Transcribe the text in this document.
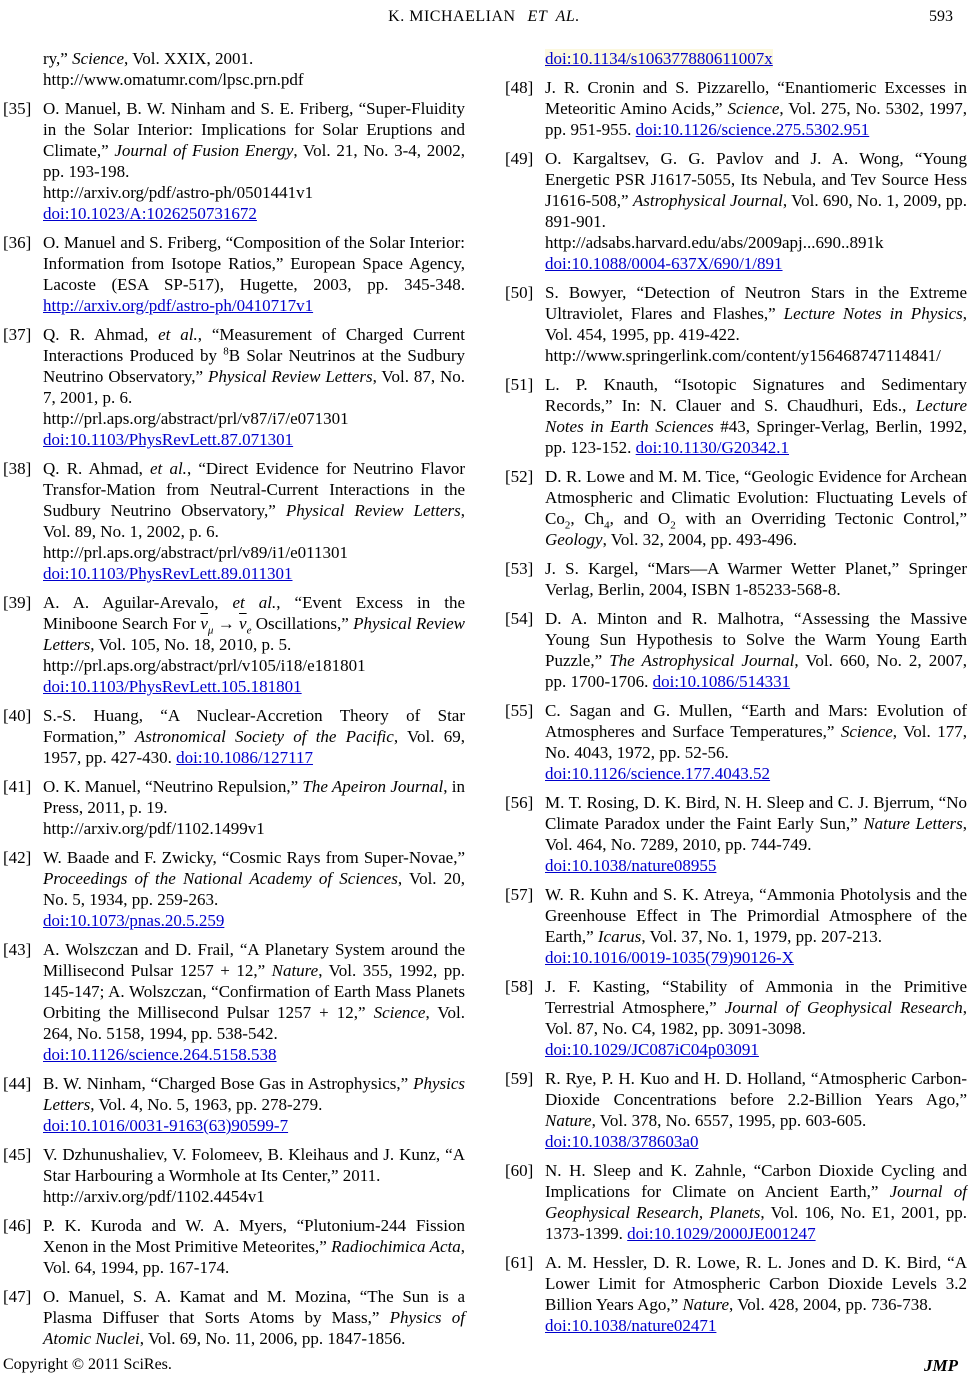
K. MICHAELIAN ET  AL.	593
ry,” Science, Vol. XXIX, 2001.
http://www.omatumr.com/lpsc.prn.pdf
[35] O. Manuel, B. W. Ninham and S. E. Friberg, “Super-Fluidity in the Solar Interior: Implications for Solar Eruptions and Climate,” Journal of Fusion Energy, Vol. 21, No. 3-4, 2002, pp. 193-198.
http://arxiv.org/pdf/astro-ph/0501441v1
doi:10.1023/A:1026250731672
[36] O. Manuel and S. Friberg, “Composition of the Solar Interior: Information from Isotope Ratios,” European Space Agency, Lacoste (ESA SP-517), Hugette, 2003, pp. 345-348. http://arxiv.org/pdf/astro-ph/0410717v1
[37] Q. R. Ahmad, et al., “Measurement of Charged Current Interactions Produced by $^8$B Solar Neutrinos at the Sudbury Neutrino Observatory,” Physical Review Letters, Vol. 87, No. 7, 2001, p. 6.
http://prl.aps.org/abstract/prl/v87/i7/e071301
doi:10.1103/PhysRevLett.87.071301
[38] Q. R. Ahmad, et al., “Direct Evidence for Neutrino Flavor Transfor-Mation from Neutral-Current Interactions in the Sudbury Neutrino Observatory,” Physical Review Letters, Vol. 89, No. 1, 2002, p. 6.
http://prl.aps.org/abstract/prl/v89/i1/e011301
doi:10.1103/PhysRevLett.89.011301
[39] A. A. Aguilar-Arevalo, et al., “Event Excess in the Miniboone Search For $\overline{\nu}_\mu \to \overline{\nu}_e$ Oscillations,” Physical Review Letters, Vol. 105, No. 18, 2010, p. 5.
http://prl.aps.org/abstract/prl/v105/i18/e181801
doi:10.1103/PhysRevLett.105.181801
[40] S.-S. Huang, “A Nuclear-Accretion Theory of Star Formation,” Astronomical Society of the Pacific, Vol. 69, 1957, pp. 427-430. doi:10.1086/127117
[41] O. K. Manuel, “Neutrino Repulsion,” The Apeiron Journal, in Press, 2011, p. 19.
http://arxiv.org/pdf/1102.1499v1
[42] W. Baade and F. Zwicky, “Cosmic Rays from Super-Novae,” Proceedings of the National Academy of Sciences, Vol. 20, No. 5, 1934, pp. 259-263.
doi:10.1073/pnas.20.5.259
[43] A. Wolszczan and D. Frail, “A Planetary System around the Millisecond Pulsar 1257 + 12,” Nature, Vol. 355, 1992, pp. 145-147; A. Wolszczan, “Confirmation of Earth Mass Planets Orbiting the Millisecond Pulsar 1257 + 12,” Science, Vol. 264, No. 5158, 1994, pp. 538-542.
doi:10.1126/science.264.5158.538
[44] B. W. Ninham, “Charged Bose Gas in Astrophysics,” Physics Letters, Vol. 4, No. 5, 1963, pp. 278-279.
doi:10.1016/0031-9163(63)90599-7
[45] V. Dzhunushaliev, V. Folomeev, B. Kleihaus and J. Kunz, “A Star Harbouring a Wormhole at Its Center,” 2011.
http://arxiv.org/pdf/1102.4454v1
[46] P. K. Kuroda and W. A. Myers, “Plutonium-244 Fission Xenon in the Most Primitive Meteorites,” Radiochimica Acta, Vol. 64, 1994, pp. 167-174.
[47] O. Manuel, S. A. Kamat and M. Mozina, “The Sun is a Plasma Diffuser that Sorts Atoms by Mass,” Physics of Atomic Nuclei, Vol. 69, No. 11, 2006, pp. 1847-1856.
doi:10.1134/s106377880611007x
[48] J. R. Cronin and S. Pizzarello, “Enantiomeric Excesses in Meteoritic Amino Acids,” Science, Vol. 275, No. 5302, 1997, pp. 951-955. doi:10.1126/science.275.5302.951
[49] O. Kargaltsev, G. G. Pavlov and J. A. Wong, “Young Energetic PSR J1617-5055, Its Nebula, and Tev Source Hess J1616-508,” Astrophysical Journal, Vol. 690, No. 1, 2009, pp. 891-901.
http://adsabs.harvard.edu/abs/2009apj...690..891k
doi:10.1088/0004-637X/690/1/891
[50] S. Bowyer, “Detection of Neutron Stars in the Extreme Ultraviolet, Flares and Flashes,” Lecture Notes in Physics, Vol. 454, 1995, pp. 419-422.
http://www.springerlink.com/content/y156468747114841/
[51] L. P. Knauth, “Isotopic Signatures and Sedimentary Records,” In: N. Clauer and S. Chaudhuri, Eds., Lecture Notes in Earth Sciences #43, Springer-Verlag, Berlin, 1992, pp. 123-152. doi:10.1130/G20342.1
[52] D. R. Lowe and M. M. Tice, “Geologic Evidence for Archean Atmospheric and Climatic Evolution: Fluctuating Levels of $Co_2$, $Ch_4$, and $O_2$ with an Overriding Tectonic Control,” Geology, Vol. 32, 2004, pp. 493-496.
[53] J. S. Kargel, “Mars—A Warmer Wetter Planet,” Springer Verlag, Berlin, 2004, ISBN 1-85233-568-8.
[54] D. A. Minton and R. Malhotra, “Assessing the Massive Young Sun Hypothesis to Solve the Warm Young Earth Puzzle,” The Astrophysical Journal, Vol. 660, No. 2, 2007, pp. 1700-1706. doi:10.1086/514331
[55] C. Sagan and G. Mullen, “Earth and Mars: Evolution of Atmospheres and Surface Temperatures,” Science, Vol. 177, No. 4043, 1972, pp. 52-56.
doi:10.1126/science.177.4043.52
[56] M. T. Rosing, D. K. Bird, N. H. Sleep and C. J. Bjerrum, “No Climate Paradox under the Faint Early Sun,” Nature Letters, Vol. 464, No. 7289, 2010, pp. 744-749.
doi:10.1038/nature08955
[57] W. R. Kuhn and S. K. Atreya, “Ammonia Photolysis and the Greenhouse Effect in The Primordial Atmosphere of the Earth,” Icarus, Vol. 37, No. 1, 1979, pp. 207-213.
doi:10.1016/0019-1035(79)90126-X
[58] J. F. Kasting, “Stability of Ammonia in the Primitive Terrestrial Atmosphere,” Journal of Geophysical Research, Vol. 87, No. C4, 1982, pp. 3091-3098.
doi:10.1029/JC087iC04p03091
[59] R. Rye, P. H. Kuo and H. D. Holland, “Atmospheric Carbon-Dioxide Concentrations before 2.2-Billion Years Ago,” Nature, Vol. 378, No. 6557, 1995, pp. 603-605.
doi:10.1038/378603a0
[60] N. H. Sleep and K. Zahnle, “Carbon Dioxide Cycling and Implications for Climate on Ancient Earth,” Journal of Geophysical Research, Planets, Vol. 106, No. E1, 2001, pp. 1373-1399. doi:10.1029/2000JE001247
[61] A. M. Hessler, D. R. Lowe, R. L. Jones and D. K. Bird, “A Lower Limit for Atmospheric Carbon Dioxide Levels 3.2 Billion Years Ago,” Nature, Vol. 428, 2004, pp. 736-738.
doi:10.1038/nature02471
Copyright © 2011 SciRes.	JMP
